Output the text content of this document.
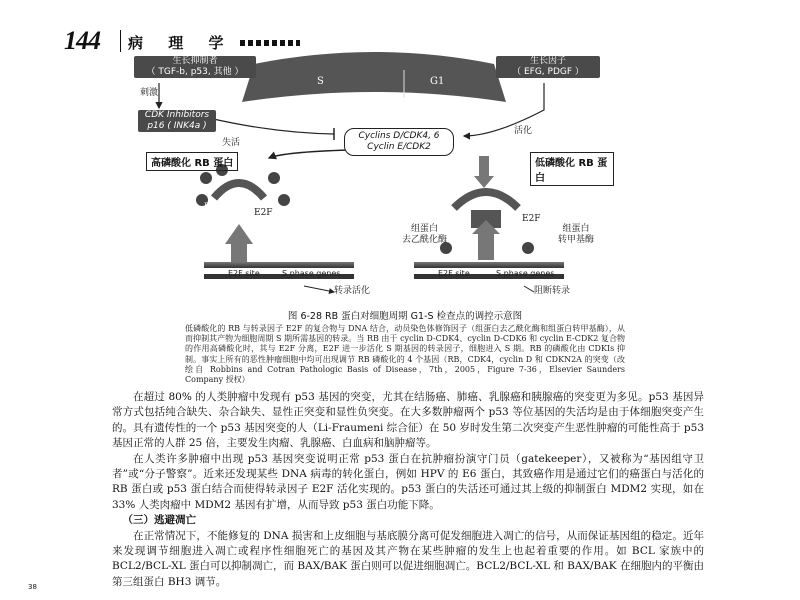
144 病 理 学
生长抑制者
（ TGF-b, p53, 其他 ）
刺激
CDK Inhibitors
p16 ( INK4a )
失活
生长因子
（ EFG, PDGF ）
S	G1
活化
Cyclins D/CDK4, 6
Cyclin E/CDK2
高磷酸化 RB 蛋白	低磷酸化 RB 蛋白
P
E2F
E2F
组蛋白
去乙酰化酶
组蛋白
转甲基酶
E2F site	S phase genes	E2F site	S phase genes
转录活化	阻断转录

图 6-28 RB 蛋白对细胞周期 G1-S 检查点的调控示意图

低磷酸化的 RB 与转录因子 E2F 的复合物与 DNA 结合，动员染色体修饰因子（组蛋白去乙酰化酶和组蛋白转甲基酶），从而抑制其产物为细胞周期 S 期所需基因的转录。当 RB 由于 cyclin D-CDK4、cyclin D-CDK6 和 cyclin E-CDK2 复合物的作用高磷酸化时，其与 E2F 分离，E2F 进一步活化 S 期基因的转录因子，细胞进入 S 期。RB 的磷酸化由 CDKIs 抑制。事实上所有的恶性肿瘤细胞中均可出现调节 RB 磷酸化的 4 个基因（RB，CDK4，cyclin D 和 CDKN2A 的突变（改绘自 Robbins and Cotran Pathologic Basis of Disease，7th，2005，Figure 7-36，Elsevier Saunders Company 授权）

在超过 80% 的人类肿瘤中发现有 p53 基因的突变，尤其在结肠癌、肺癌、乳腺癌和胰腺癌的突变更为多见。p53 基因异常方式包括纯合缺失、杂合缺失、显性正突变和显性负突变。在大多数肿瘤两个 p53 等位基因的失活均是由于体细胞突变产生的。具有遗传性的一个 p53 基因突变的人（Li-Fraumeni 综合征）在 50 岁时发生第二次突变产生恶性肿瘤的可能性高于 p53 基因正常的人群 25 倍，主要发生肉瘤、乳腺癌、白血病和脑肿瘤等。

在人类许多肿瘤中出现 p53 基因突变说明正常 p53 蛋白在抗肿瘤扮演守门员（gatekeeper），又被称为“基因组守卫者”或“分子警察”。近来还发现某些 DNA 病毒的转化蛋白，例如 HPV 的 E6 蛋白，其致癌作用是通过它们的癌蛋白与活化的 RB 蛋白或 p53 蛋白结合而使得转录因子 E2F 活化实现的。p53 蛋白的失活还可通过其上级的抑制蛋白 MDM2 实现，如在 33% 人类肉瘤中 MDM2 基因有扩增，从而导致 p53 蛋白功能下降。

（三）逃避凋亡

在正常情况下，不能修复的 DNA 损害和上皮细胞与基底膜分离可促发细胞进入凋亡的信号，从而保证基因组的稳定。近年来发现调节细胞进入凋亡或程序性细胞死亡的基因及其产物在某些肿瘤的发生上也起着重要的作用。如 BCL 家族中的 BCL2/BCL-XL 蛋白可以抑制凋亡，而 BAX/BAK 蛋白则可以促进细胞凋亡。BCL2/BCL-XL 和 BAX/BAK 在细胞内的平衡由第三组蛋白 BH3 调节。

38
